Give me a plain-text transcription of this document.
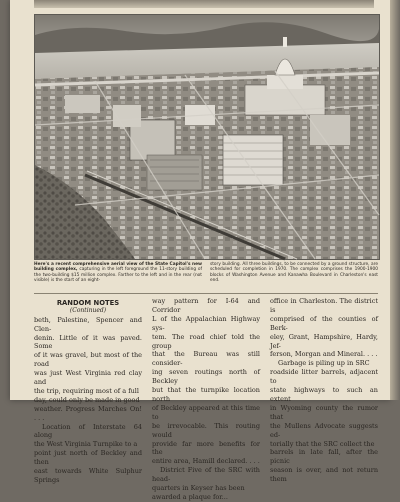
Here's a recent comprehensive aerial view of the State Capitol's new building complex, capturing in the left foreground the 11-story building of the two-building $15 million complex. Farther to the left and in the rear (not visible) is the start of an eight-
story building. All three buildings, to be connected by a ground structure, are scheduled for completion in 1970. The complex comprises the 1900-1900 blocks of Washington Avenue and Kanawha Boulevard in Charleston's east end.
RANDOM NOTES
(Continued)

beth, Palestine, Spencer and Clen-

denin. Little of it was paved. Some

of it was gravel, but most of the road

was just West Virginia red clay and

the trip, requiring most of a full

day, could only be made in good

weather. Progress Marches On! . . .

Location of Interstate 64 along

the West Virginia Turnpike to a

point just north of Beckley and then

east towards White Sulphur Springs

way pattern for I-64 and Corridor

L of the Appalachian Highway sys-

tem. The road chief told the group

that the Bureau was still consider-

ing seven routings north of Beckley

but that the turnpike location north

of Beckley appeared at this time to

be irrevocable. This routing would

provide far more benefits for the

entire area, Hamill declared. . . .

District Five of the SRC with head-

quarters in Keyser has been

awarded a plaque for...

office in Charleston. The district is

comprised of the counties of Berk-

eley, Grant, Hampshire, Hardy, Jef-

ferson, Morgan and Mineral. . . .

Garbage is piling up in SRC

roadside litter barrels, adjacent to

state highways to such an extent

in Wyoming county the rumor that

the Mullens Advocate suggests ed-

torially that the SRC collect the

barrels in late fall, after the picnic

season is over, and not return them
